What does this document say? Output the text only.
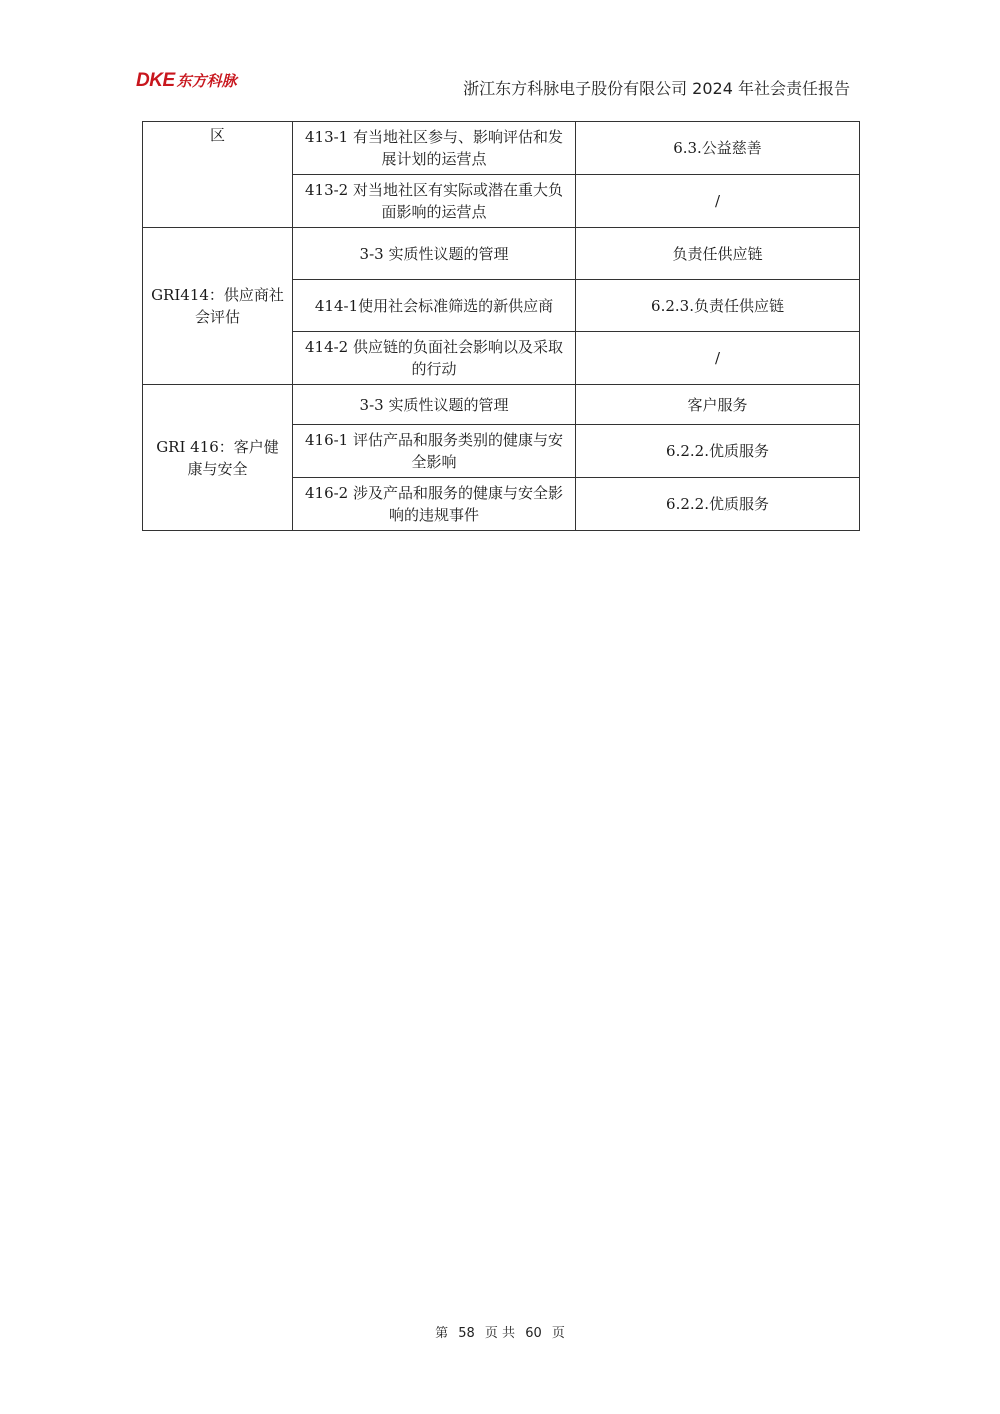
DKE 东方科脉	浙江东方科脉电子股份有限公司 2024 年社会责任报告
区	413-1 有当地社区参与、影响评估和发展计划的运营点	6.3.公益慈善
	413-2 对当地社区有实际或潜在重大负面影响的运营点	/
GRI414：供应商社会评估	3-3 实质性议题的管理	负责任供应链
	414-1使用社会标准筛选的新供应商	6.2.3.负责任供应链
	414-2 供应链的负面社会影响以及采取的行动	/
GRI 416：客户健康与安全	3-3 实质性议题的管理	客户服务
	416-1 评估产品和服务类别的健康与安全影响	6.2.2.优质服务
	416-2 涉及产品和服务的健康与安全影响的违规事件	6.2.2.优质服务
第 58 页 共 60 页
